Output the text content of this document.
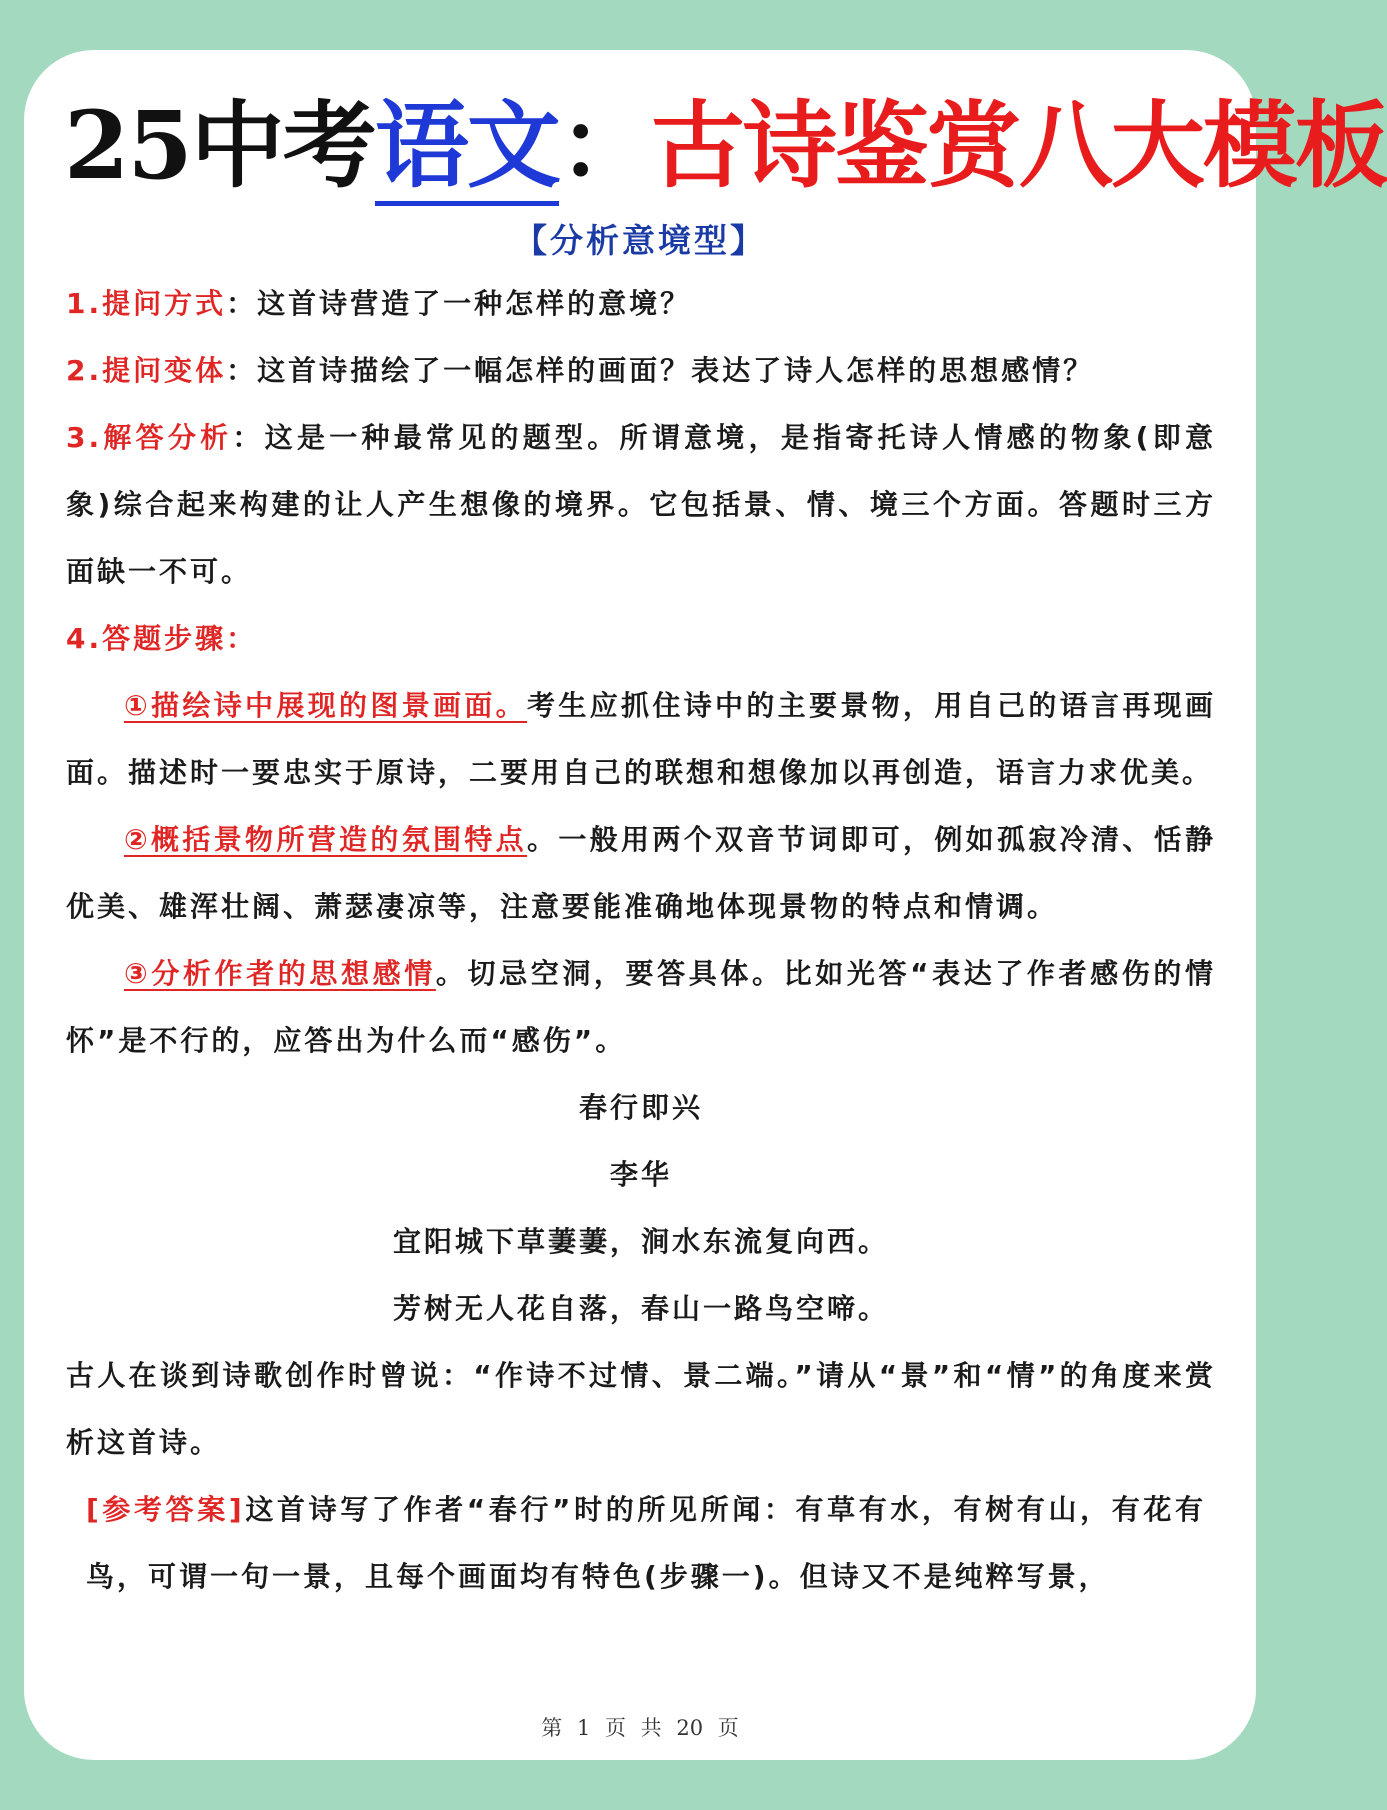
25中考语文：古诗鉴赏八大模板
【分析意境型】

1.提问方式：这首诗营造了一种怎样的意境？

2.提问变体：这首诗描绘了一幅怎样的画面？表达了诗人怎样的思想感情？

3.解答分析：这是一种最常见的题型。所谓意境，是指寄托诗人情感的物象(即意象)综合起来构建的让人产生想像的境界。它包括景、情、境三个方面。答题时三方面缺一不可。

4.答题步骤：

①描绘诗中展现的图景画面。考生应抓住诗中的主要景物，用自己的语言再现画面。描述时一要忠实于原诗，二要用自己的联想和想像加以再创造，语言力求优美。

②概括景物所营造的氛围特点。一般用两个双音节词即可，例如孤寂冷清、恬静优美、雄浑壮阔、萧瑟凄凉等，注意要能准确地体现景物的特点和情调。

③分析作者的思想感情。切忌空洞，要答具体。比如光答“表达了作者感伤的情怀”是不行的，应答出为什么而“感伤”。

春行即兴

李华

宜阳城下草萋萋，涧水东流复向西。

芳树无人花自落，春山一路鸟空啼。

古人在谈到诗歌创作时曾说：“作诗不过情、景二端。”请从“景”和“情”的角度来赏析这首诗。

[参考答案]这首诗写了作者“春行”时的所见所闻：有草有水，有树有山，有花有鸟，可谓一句一景，且每个画面均有特色(步骤一)。但诗又不是纯粹写景，

第 1 页 共 20 页
